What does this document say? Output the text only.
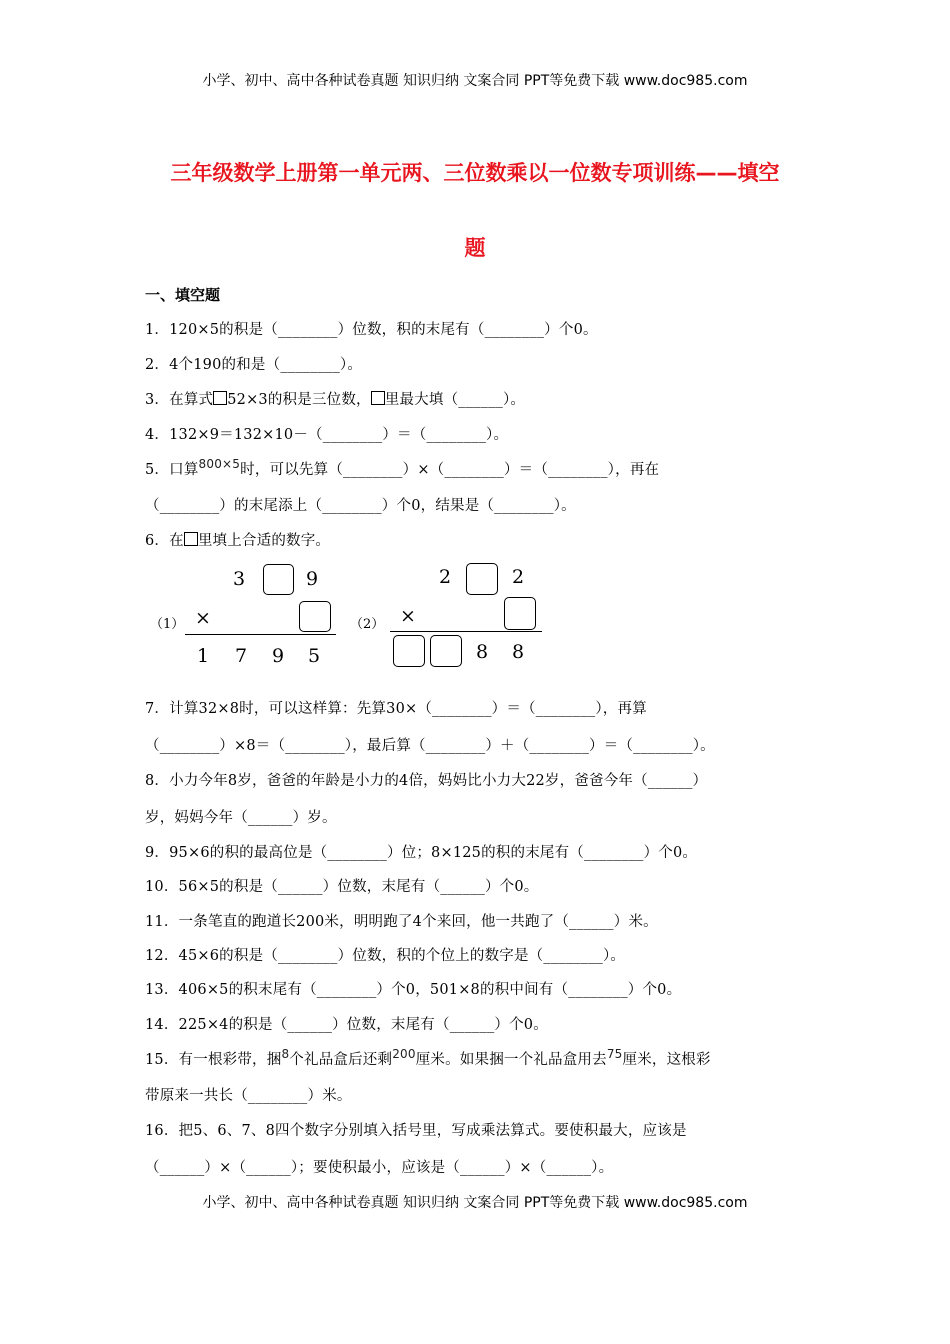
小学、初中、高中各种试卷真题 知识归纳 文案合同 PPT等免费下载 www.doc985.com
三年级数学上册第一单元两、三位数乘以一位数专项训练——填空
题
一、填空题
1．120×5的积是（________）位数，积的末尾有（________）个0。
2．4个190的和是（________）。
3．在算式 52×3的积是三位数， 里最大填（______）。
4．132×9＝132×10－（________）＝（________）。
5．口算$^{800\times 5}$时，可以先算（________）×（________）＝（________），再在
（________）的末尾添上（________）个0，结果是（________）。
6．在 里填上合适的数字。
（1）
3	9
×
1 7 9 5
（2）
2	2
×
8 8
7．计算32×8时，可以这样算：先算30×（________）＝（________），再算
（________）×8＝（________），最后算（________）＋（________）＝（________）。
8．小力今年8岁，爸爸的年龄是小力的4倍，妈妈比小力大22岁，爸爸今年（______）
岁，妈妈今年（______）岁。
9．95×6的积的最高位是（________）位；8×125的积的末尾有（________）个0。
10．56×5的积是（______）位数，末尾有（______）个0。
11．一条笔直的跑道长200米，明明跑了4个来回，他一共跑了（______）米。
12．45×6的积是（________）位数，积的个位上的数字是（________）。
13．406×5的积末尾有（________）个0，501×8的积中间有（________）个0。
14．225×4的积是（______）位数，末尾有（______）个0。
15．有一根彩带，捆$^8$个礼品盒后还剩$^{200}$厘米。如果捆一个礼品盒用去$^{75}$厘米，这根彩
带原来一共长（________）米。
16．把5、6、7、8四个数字分别填入括号里，写成乘法算式。要使积最大，应该是
（______）×（______）；要使积最小，应该是（______）×（______）。
小学、初中、高中各种试卷真题 知识归纳 文案合同 PPT等免费下载 www.doc985.com
